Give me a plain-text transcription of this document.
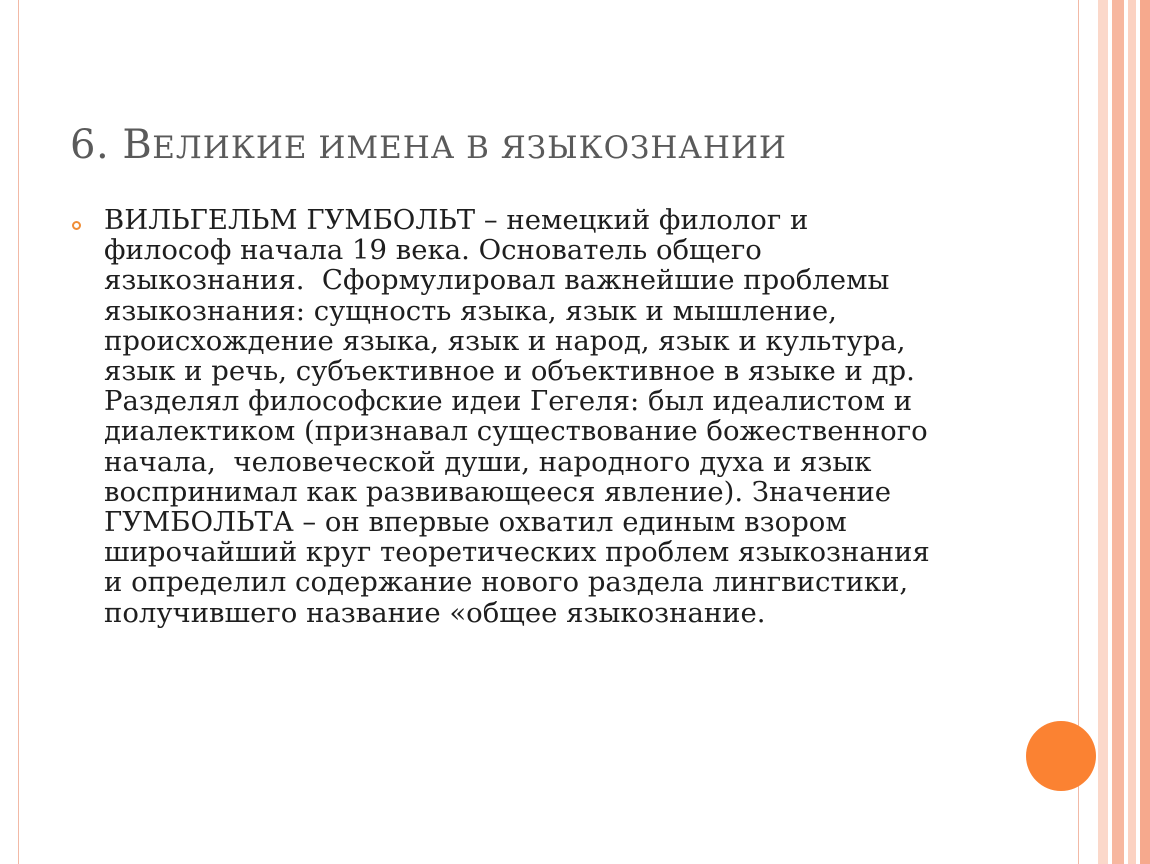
6. ВЕЛИКИЕ ИМЕНА В ЯЗЫКОЗНАНИИ
ВИЛЬГЕЛЬМ ГУМБОЛЬТ – немецкий филолог и
философ начала 19 века. Основатель общего
языкознания.  Сформулировал важнейшие проблемы
языкознания: сущность языка, язык и мышление,
происхождение языка, язык и народ, язык и культура,
язык и речь, субъективное и объективное в языке и др.
Разделял философские идеи Гегеля: был идеалистом и
диалектиком (признавал существование божественного
начала,  человеческой души, народного духа и язык
воспринимал как развивающееся явление). Значение
ГУМБОЛЬТА – он впервые охватил единым взором
широчайший круг теоретических проблем языкознания
и определил содержание нового раздела лингвистики,
получившего название «общее языкознание.
